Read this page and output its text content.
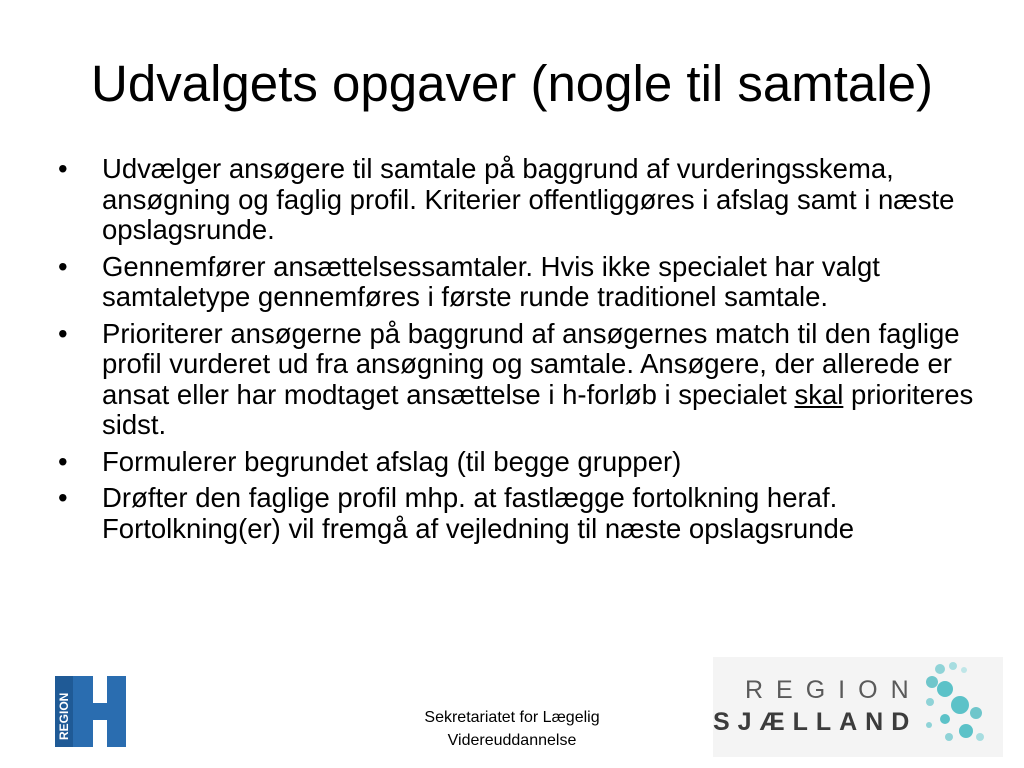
Udvalgets opgaver (nogle til samtale)
•	Udvælger ansøgere til samtale på baggrund af vurderingsskema, ansøgning og faglig profil. Kriterier offentliggøres i afslag samt i næste opslagsrunde.
•	Gennemfører ansættelsessamtaler. Hvis ikke specialet har valgt samtaletype gennemføres i første runde traditionel samtale.
•	Prioriterer ansøgerne på baggrund af ansøgernes match til den faglige profil vurderet ud fra ansøgning og samtale. Ansøgere, der allerede er ansat eller har modtaget ansættelse i h-forløb i specialet skal prioriteres sidst.
•	Formulerer begrundet afslag (til begge grupper)
•	Drøfter den faglige profil mhp. at fastlægge fortolkning heraf. Fortolkning(er) vil fremgå af vejledning til næste opslagsrunde
REGION	Sekretariatet for Lægelig
Videreuddannelse
REGION
SJÆLLAND
